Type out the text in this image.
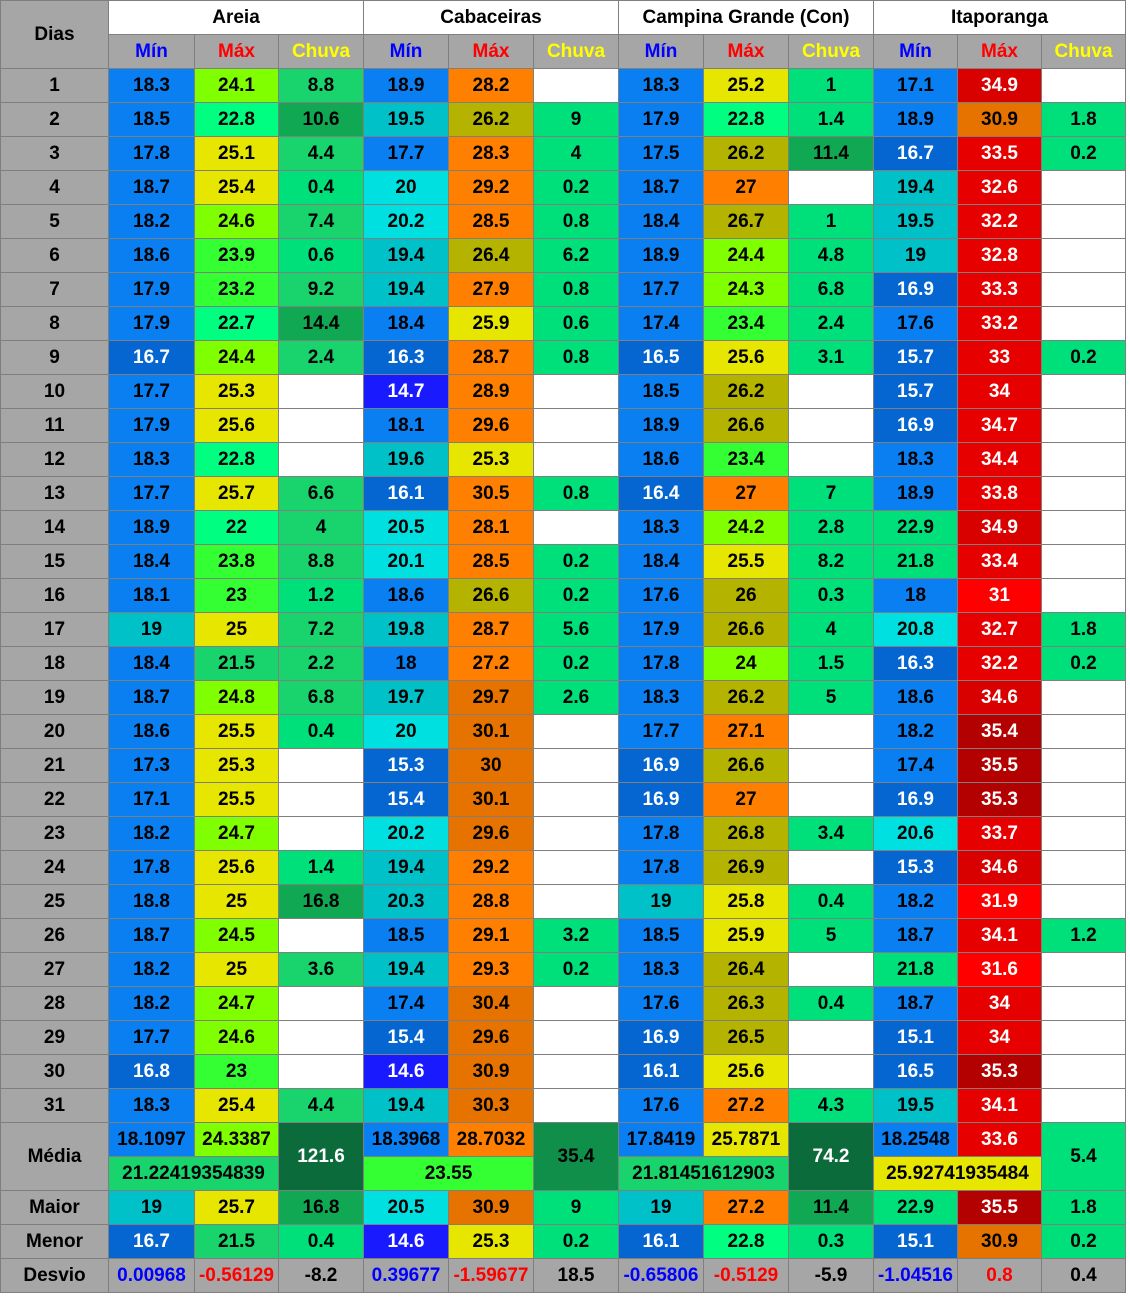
Dias	Areia			Cabaceiras			Campina Grande (Con)			Itaporanga		
	Mín	Máx	Chuva	Mín	Máx	Chuva	Mín	Máx	Chuva	Mín	Máx	Chuva
1	18.3	24.1	8.8	18.9	28.2		18.3	25.2	1	17.1	34.9	
2	18.5	22.8	10.6	19.5	26.2	9	17.9	22.8	1.4	18.9	30.9	1.8
3	17.8	25.1	4.4	17.7	28.3	4	17.5	26.2	11.4	16.7	33.5	0.2
4	18.7	25.4	0.4	20	29.2	0.2	18.7	27		19.4	32.6	
5	18.2	24.6	7.4	20.2	28.5	0.8	18.4	26.7	1	19.5	32.2	
6	18.6	23.9	0.6	19.4	26.4	6.2	18.9	24.4	4.8	19	32.8	
7	17.9	23.2	9.2	19.4	27.9	0.8	17.7	24.3	6.8	16.9	33.3	
8	17.9	22.7	14.4	18.4	25.9	0.6	17.4	23.4	2.4	17.6	33.2	
9	16.7	24.4	2.4	16.3	28.7	0.8	16.5	25.6	3.1	15.7	33	0.2
10	17.7	25.3		14.7	28.9		18.5	26.2		15.7	34	
11	17.9	25.6		18.1	29.6		18.9	26.6		16.9	34.7	
12	18.3	22.8		19.6	25.3		18.6	23.4		18.3	34.4	
13	17.7	25.7	6.6	16.1	30.5	0.8	16.4	27	7	18.9	33.8	
14	18.9	22	4	20.5	28.1		18.3	24.2	2.8	22.9	34.9	
15	18.4	23.8	8.8	20.1	28.5	0.2	18.4	25.5	8.2	21.8	33.4	
16	18.1	23	1.2	18.6	26.6	0.2	17.6	26	0.3	18	31	
17	19	25	7.2	19.8	28.7	5.6	17.9	26.6	4	20.8	32.7	1.8
18	18.4	21.5	2.2	18	27.2	0.2	17.8	24	1.5	16.3	32.2	0.2
19	18.7	24.8	6.8	19.7	29.7	2.6	18.3	26.2	5	18.6	34.6	
20	18.6	25.5	0.4	20	30.1		17.7	27.1		18.2	35.4	
21	17.3	25.3		15.3	30		16.9	26.6		17.4	35.5	
22	17.1	25.5		15.4	30.1		16.9	27		16.9	35.3	
23	18.2	24.7		20.2	29.6		17.8	26.8	3.4	20.6	33.7	
24	17.8	25.6	1.4	19.4	29.2		17.8	26.9		15.3	34.6	
25	18.8	25	16.8	20.3	28.8		19	25.8	0.4	18.2	31.9	
26	18.7	24.5		18.5	29.1	3.2	18.5	25.9	5	18.7	34.1	1.2
27	18.2	25	3.6	19.4	29.3	0.2	18.3	26.4		21.8	31.6	
28	18.2	24.7		17.4	30.4		17.6	26.3	0.4	18.7	34	
29	17.7	24.6		15.4	29.6		16.9	26.5		15.1	34	
30	16.8	23		14.6	30.9		16.1	25.6		16.5	35.3	
31	18.3	25.4	4.4	19.4	30.3		17.6	27.2	4.3	19.5	34.1	
Média	18.1097	24.3387	121.6	18.3968	28.7032	35.4	17.8419	25.7871	74.2	18.2548	33.6	5.4
	21.22419354839			23.55			21.81451612903			25.92741935484		
Maior	19	25.7	16.8	20.5	30.9	9	19	27.2	11.4	22.9	35.5	1.8
Menor	16.7	21.5	0.4	14.6	25.3	0.2	16.1	22.8	0.3	15.1	30.9	0.2
Desvio	0.00968	-0.56129	-8.2	0.39677	-1.59677	18.5	-0.65806	-0.5129	-5.9	-1.04516	0.8	0.4
